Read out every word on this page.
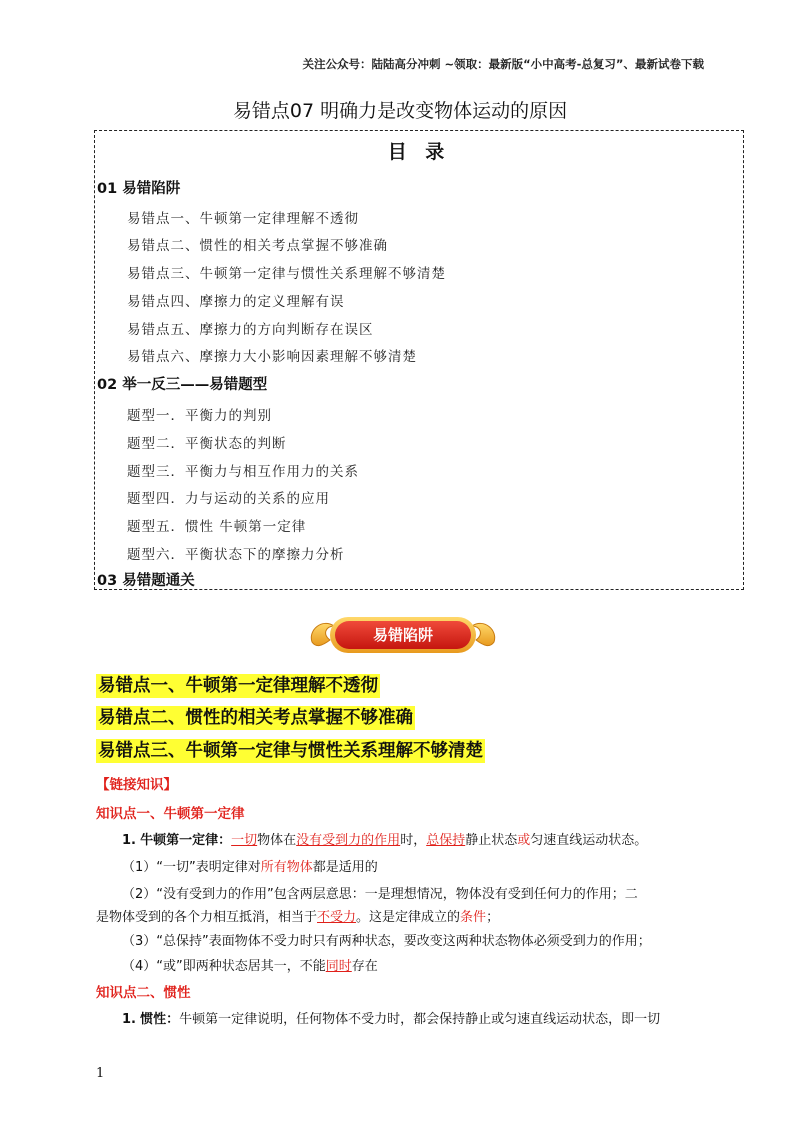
关注公众号：陆陆高分冲刺 ~领取：最新版“小中高考-总复习”、最新试卷下载
易错点07 明确力是改变物体运动的原因
目 录
01 易错陷阱
易错点一、牛顿第一定律理解不透彻
易错点二、惯性的相关考点掌握不够准确
易错点三、牛顿第一定律与惯性关系理解不够清楚
易错点四、摩擦力的定义理解有误
易错点五、摩擦力的方向判断存在误区
易错点六、摩擦力大小影响因素理解不够清楚
02 举一反三——易错题型
题型一．平衡力的判别
题型二．平衡状态的判断
题型三．平衡力与相互作用力的关系
题型四．力与运动的关系的应用
题型五．惯性 牛顿第一定律
题型六．平衡状态下的摩擦力分析
03 易错题通关
易错陷阱
易错点一、牛顿第一定律理解不透彻
易错点二、惯性的相关考点掌握不够准确
易错点三、牛顿第一定律与惯性关系理解不够清楚
【链接知识】
知识点一、牛顿第一定律
1. 牛顿第一定律：一切物体在没有受到力的作用时，总保持静止状态或匀速直线运动状态。
（1）“一切”表明定律对所有物体都是适用的
（2）“没有受到力的作用”包含两层意思：一是理想情况，物体没有受到任何力的作用；二
是物体受到的各个力相互抵消，相当于不受力。这是定律成立的条件；
（3）“总保持”表面物体不受力时只有两种状态，要改变这两种状态物体必须受到力的作用；
（4）“或”即两种状态居其一，不能同时存在
知识点二、惯性
1. 惯性：牛顿第一定律说明，任何物体不受力时，都会保持静止或匀速直线运动状态，即一切
1
